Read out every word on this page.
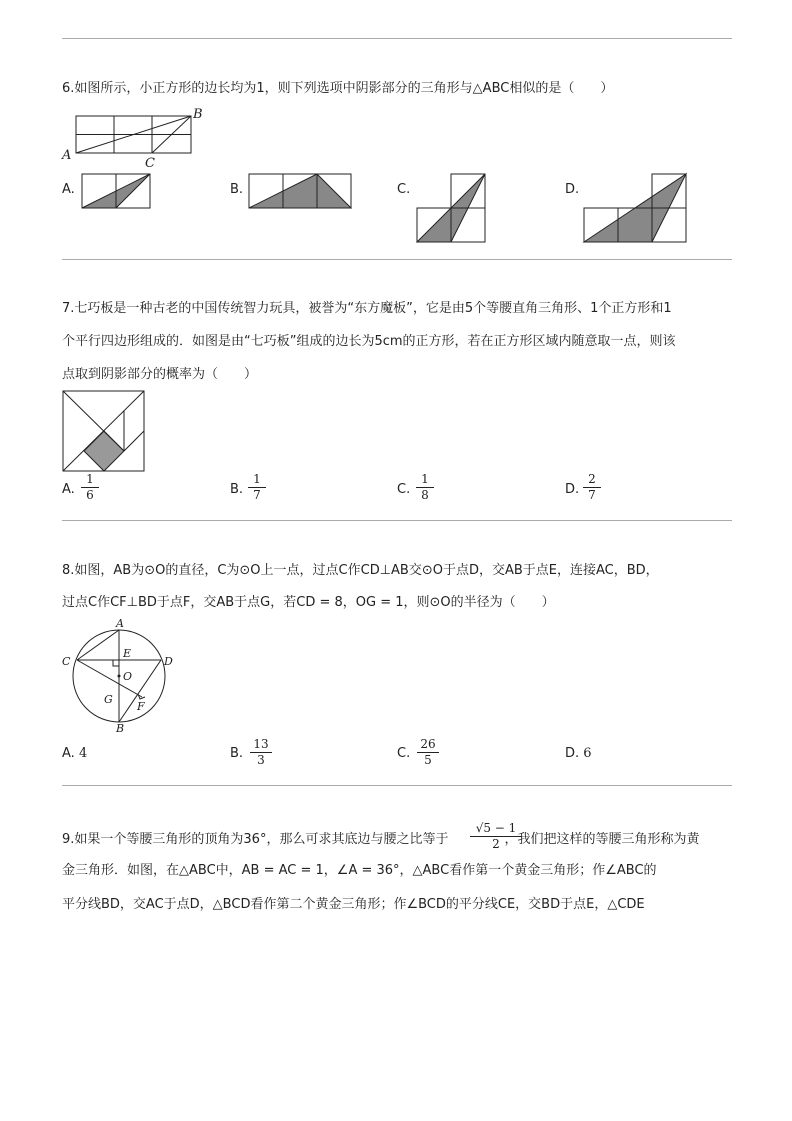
6.如图所示，小正方形的边长均为1，则下列选项中阴影部分的三角形与△ABC相似的是（　　）
A
B
C
A.	B.	C.	D.
7.七巧板是一种古老的中国传统智力玩具，被誉为“东方魔板”，它是由5个等腰直角三角形、1个正方形和1
个平行四边形组成的．如图是由“七巧板”组成的边长为5cm的正方形，若在正方形区域内随意取一点，则该
点取到阴影部分的概率为（　　）
A. $\frac{1}{6}$	B. $\frac{1}{7}$	C. $\frac{1}{8}$	D. $\frac{2}{7}$
8.如图，AB为⊙O的直径，C为⊙O上一点，过点C作CD⊥AB交⊙O于点D，交AB于点E，连接AC，BD，
过点C作CF⊥BD于点F，交AB于点G，若CD = 8，OG = 1，则⊙O的半径为（　　）
A
B
C	D
E
O
G
F
A. 4	B. $\frac{13}{3}$	C. $\frac{26}{5}$	D. 6
9.如果一个等腰三角形的顶角为36°，那么可求其底边与腰之比等于	，我们把这样的等腰三角形称为黄
$\frac{√5 - 1}{2}$
金三角形．如图，在△ABC中，AB = AC = 1，∠A = 36°，△ABC看作第一个黄金三角形；作∠ABC的
平分线BD，交AC于点D，△BCD看作第二个黄金三角形；作∠BCD的平分线CE，交BD于点E，△CDE
